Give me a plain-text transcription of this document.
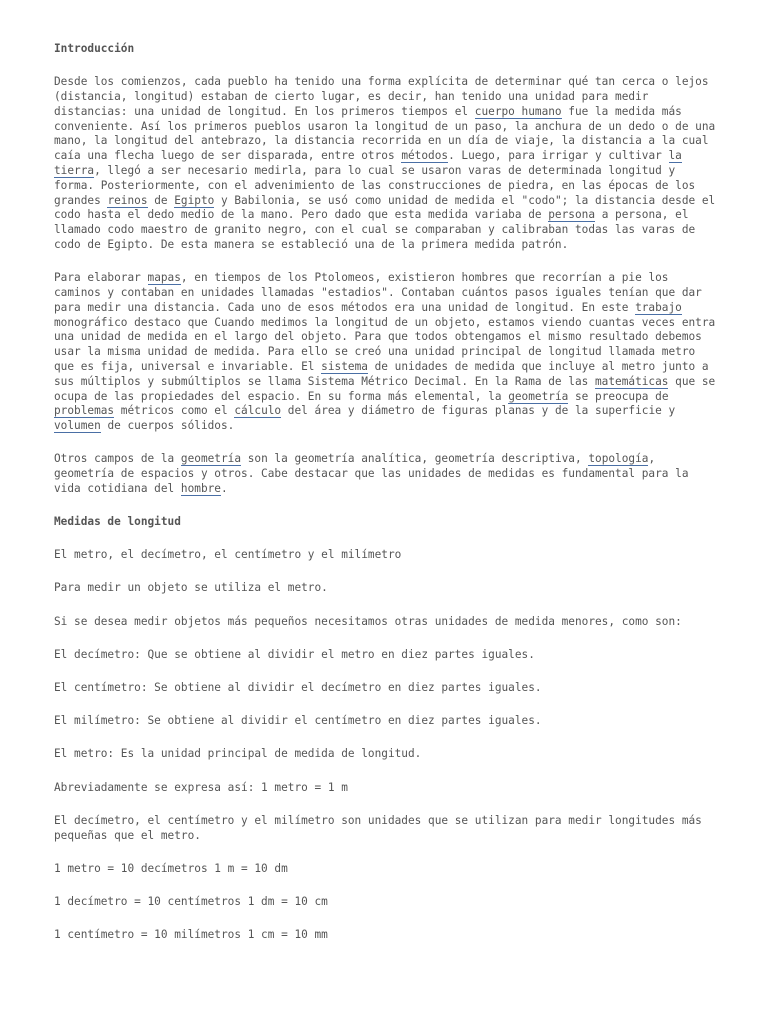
Introducción

Desde los comienzos, cada pueblo ha tenido una forma explícita de determinar qué tan cerca o lejos (distancia, longitud) estaban de cierto lugar, es decir, han tenido una unidad para medir distancias: una unidad de longitud. En los primeros tiempos el cuerpo humano fue la medida más conveniente. Así los primeros pueblos usaron la longitud de un paso, la anchura de un dedo o de una mano, la longitud del antebrazo, la distancia recorrida en un día de viaje, la distancia a la cual caía una flecha luego de ser disparada, entre otros métodos. Luego, para irrigar y cultivar la tierra, llegó a ser necesario medirla, para lo cual se usaron varas de determinada longitud y forma. Posteriormente, con el advenimiento de las construcciones de piedra, en las épocas de los grandes reinos de Egipto y Babilonia, se usó como unidad de medida el "codo"; la distancia desde el codo hasta el dedo medio de la mano. Pero dado que esta medida variaba de persona a persona, el llamado codo maestro de granito negro, con el cual se comparaban y calibraban todas las varas de codo de Egipto. De esta manera se estableció una de la primera medida patrón.

Para elaborar mapas, en tiempos de los Ptolomeos, existieron hombres que recorrían a pie los caminos y contaban en unidades llamadas "estadios". Contaban cuántos pasos iguales tenían que dar para medir una distancia. Cada uno de esos métodos era una unidad de longitud. En este trabajo monográfico destaco que Cuando medimos la longitud de un objeto, estamos viendo cuantas veces entra una unidad de medida en el largo del objeto. Para que todos obtengamos el mismo resultado debemos usar la misma unidad de medida. Para ello se creó una unidad principal de longitud llamada metro que es fija, universal e invariable. El sistema de unidades de medida que incluye al metro junto a sus múltiplos y submúltiplos se llama Sistema Métrico Decimal. En la Rama de las matemáticas que se ocupa de las propiedades del espacio. En su forma más elemental, la geometría se preocupa de problemas métricos como el cálculo del área y diámetro de figuras planas y de la superficie y volumen de cuerpos sólidos.

Otros campos de la geometría son la geometría analítica, geometría descriptiva, topología, geometría de espacios y otros. Cabe destacar que las unidades de medidas es fundamental para la vida cotidiana del hombre.

Medidas de longitud

El metro, el decímetro, el centímetro y el milímetro

Para medir un objeto se utiliza el metro.

Si se desea medir objetos más pequeños necesitamos otras unidades de medida menores, como son:

El decímetro: Que se obtiene al dividir el metro en diez partes iguales.

El centímetro: Se obtiene al dividir el decímetro en diez partes iguales.

El milímetro: Se obtiene al dividir el centímetro en diez partes iguales.

El metro: Es la unidad principal de medida de longitud.

Abreviadamente se expresa así: 1 metro = 1 m

El decímetro, el centímetro y el milímetro son unidades que se utilizan para medir longitudes más pequeñas que el metro.

1 metro = 10 decímetros 1 m = 10 dm

1 decímetro = 10 centímetros 1 dm = 10 cm

1 centímetro = 10 milímetros 1 cm = 10 mm
